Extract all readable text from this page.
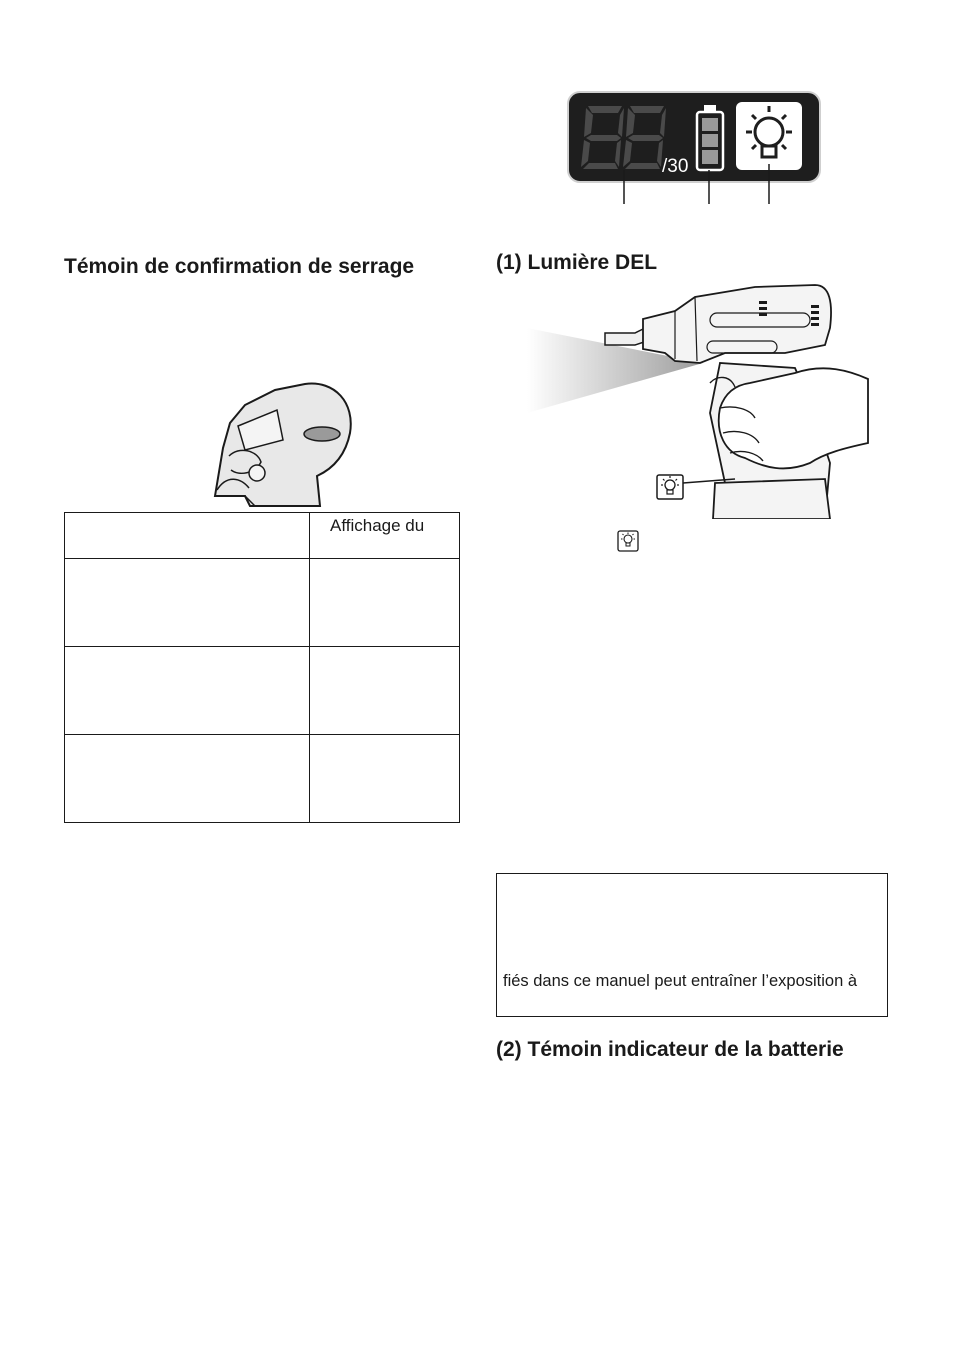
/30
Témoin de confirmation de serrage
	Affichage du

(1) Lumière DEL
fiés dans ce manuel peut entraîner l’exposition à
(2) Témoin indicateur de la batterie
